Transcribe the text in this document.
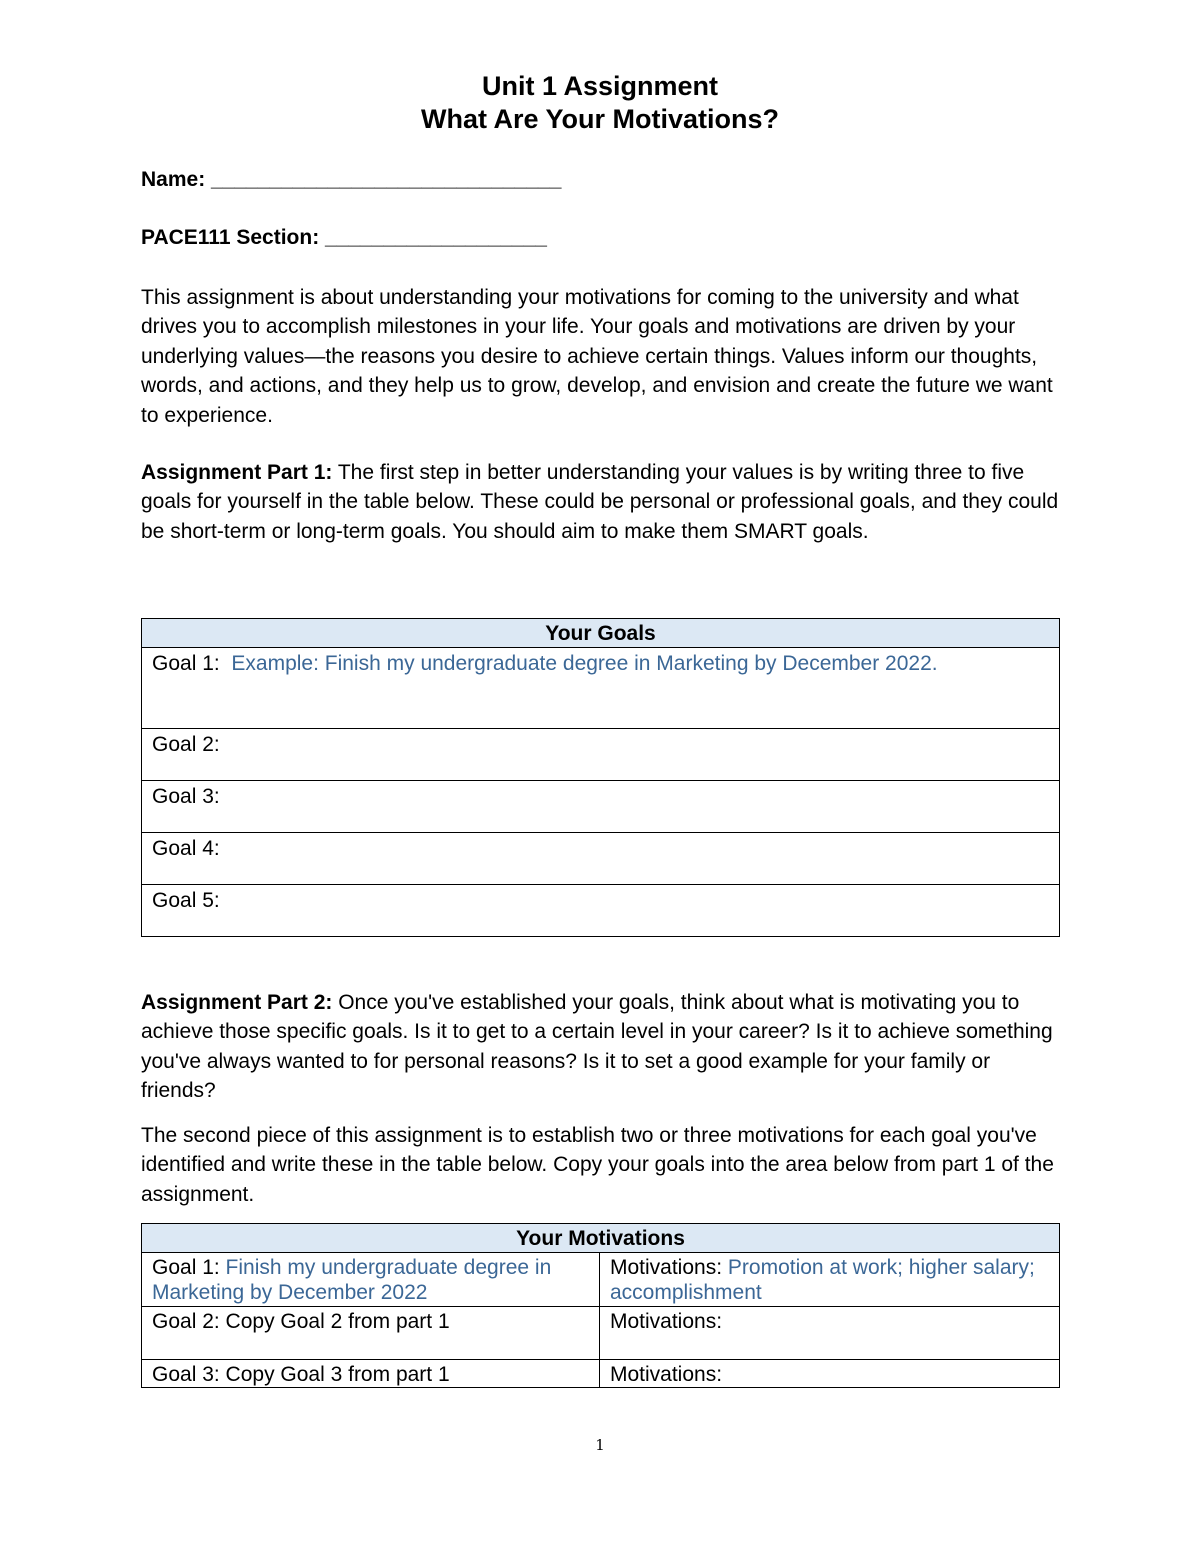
Unit 1 Assignment
What Are Your Motivations?
Name: ______________________________
PACE111 Section: ___________________

This assignment is about understanding your motivations for coming to the university and what drives you to accomplish milestones in your life. Your goals and motivations are driven by your underlying values—the reasons you desire to achieve certain things. Values inform our thoughts, words, and actions, and they help us to grow, develop, and envision and create the future we want to experience.

Assignment Part 1: The first step in better understanding your values is by writing three to five goals for yourself in the table below. These could be personal or professional goals, and they could be short-term or long-term goals. You should aim to make them SMART goals.

Your Goals
Goal 1:  Example: Finish my undergraduate degree in Marketing by December 2022.
Goal 2:
Goal 3:
Goal 4:
Goal 5:

Assignment Part 2: Once you've established your goals, think about what is motivating you to achieve those specific goals. Is it to get to a certain level in your career? Is it to achieve something you've always wanted to for personal reasons? Is it to set a good example for your family or friends?

The second piece of this assignment is to establish two or three motivations for each goal you've identified and write these in the table below. Copy your goals into the area below from part 1 of the assignment.

Your Motivations	
Goal 1: Finish my undergraduate degree in Marketing by December 2022	Motivations: Promotion at work; higher salary; accomplishment
Goal 2: Copy Goal 2 from part 1	Motivations:
Goal 3: Copy Goal 3 from part 1	Motivations:
1
